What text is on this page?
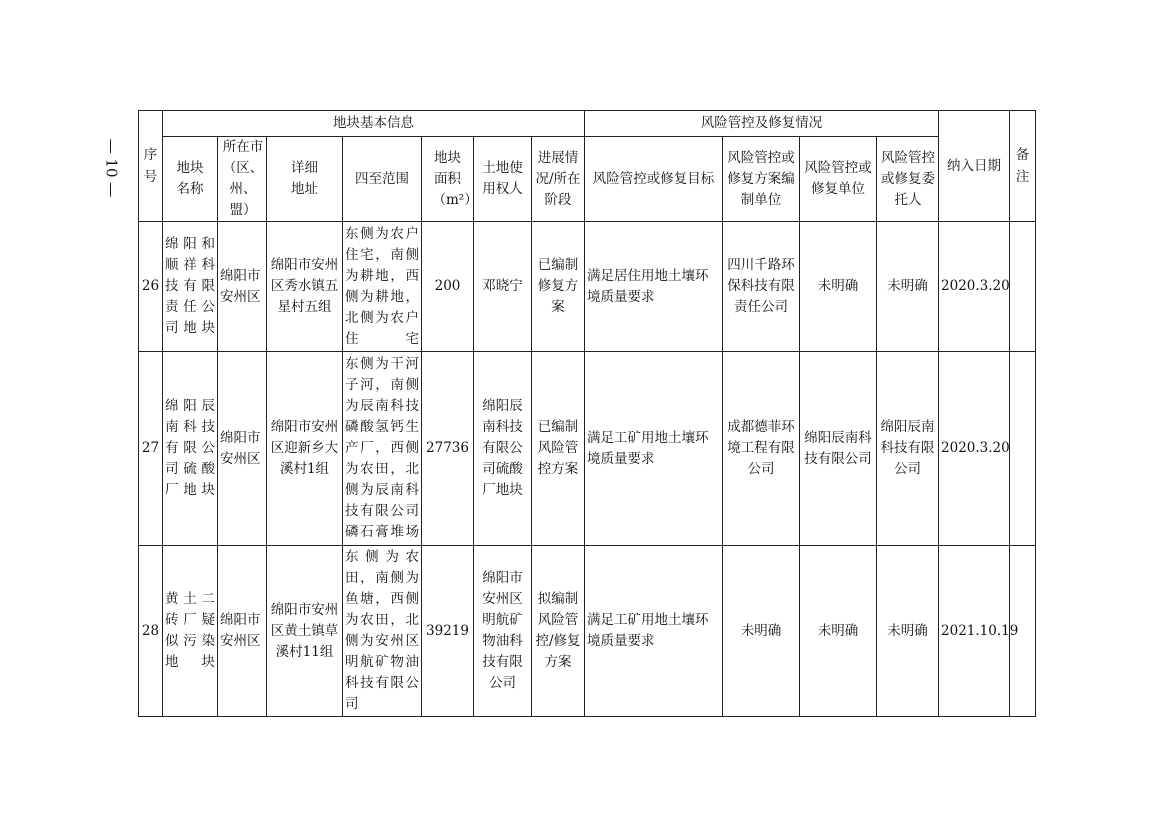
— 10 — 序号	地块基本信息							风险管控及修复情况				纳入日期	备注

	地块名称	所在市（区、州、盟）	详细地址	四至范围	地块面积（m²）	土地使用权人	进展情况/所在阶段	风险管控或修复目标	风险管控或修复方案编制单位	风险管控或修复单位	风险管控或修复委托人		

26	绵阳和顺祥科技有限责任公司地块	绵阳市安州区	绵阳市安州区秀水镇五星村五组	东侧为农户住宅，南侧为耕地，西侧为耕地，北侧为农户住宅	200	邓晓宁	已编制修复方案	满足居住用地土壤环境质量要求	四川千路环保科技有限责任公司	未明确	未明确	2020.3.20	
27	绵阳辰南科技有限公司硫酸厂地块	绵阳市安州区	绵阳市安州区迎新乡大溪村1组	东侧为干河子河，南侧为辰南科技磷酸氢钙生产厂，西侧为农田，北侧为辰南科技有限公司磷石膏堆场	27736	绵阳辰南科技有限公司硫酸厂地块	已编制风险管控方案	满足工矿用地土壤环境质量要求	成都德菲环境工程有限公司	绵阳辰南科技有限公司	绵阳辰南科技有限公司	2020.3.20	
28	黄土二砖厂疑似污染地块	绵阳市安州区	绵阳市安州区黄土镇草溪村11组	东侧为农田，南侧为鱼塘，西侧为农田，北侧为安州区明航矿物油科技有限公司	39219	绵阳市安州区明航矿物油科技有限公司	拟编制风险管控/修复方案	满足工矿用地土壤环境质量要求	未明确	未明确	未明确	2021.10.19	
